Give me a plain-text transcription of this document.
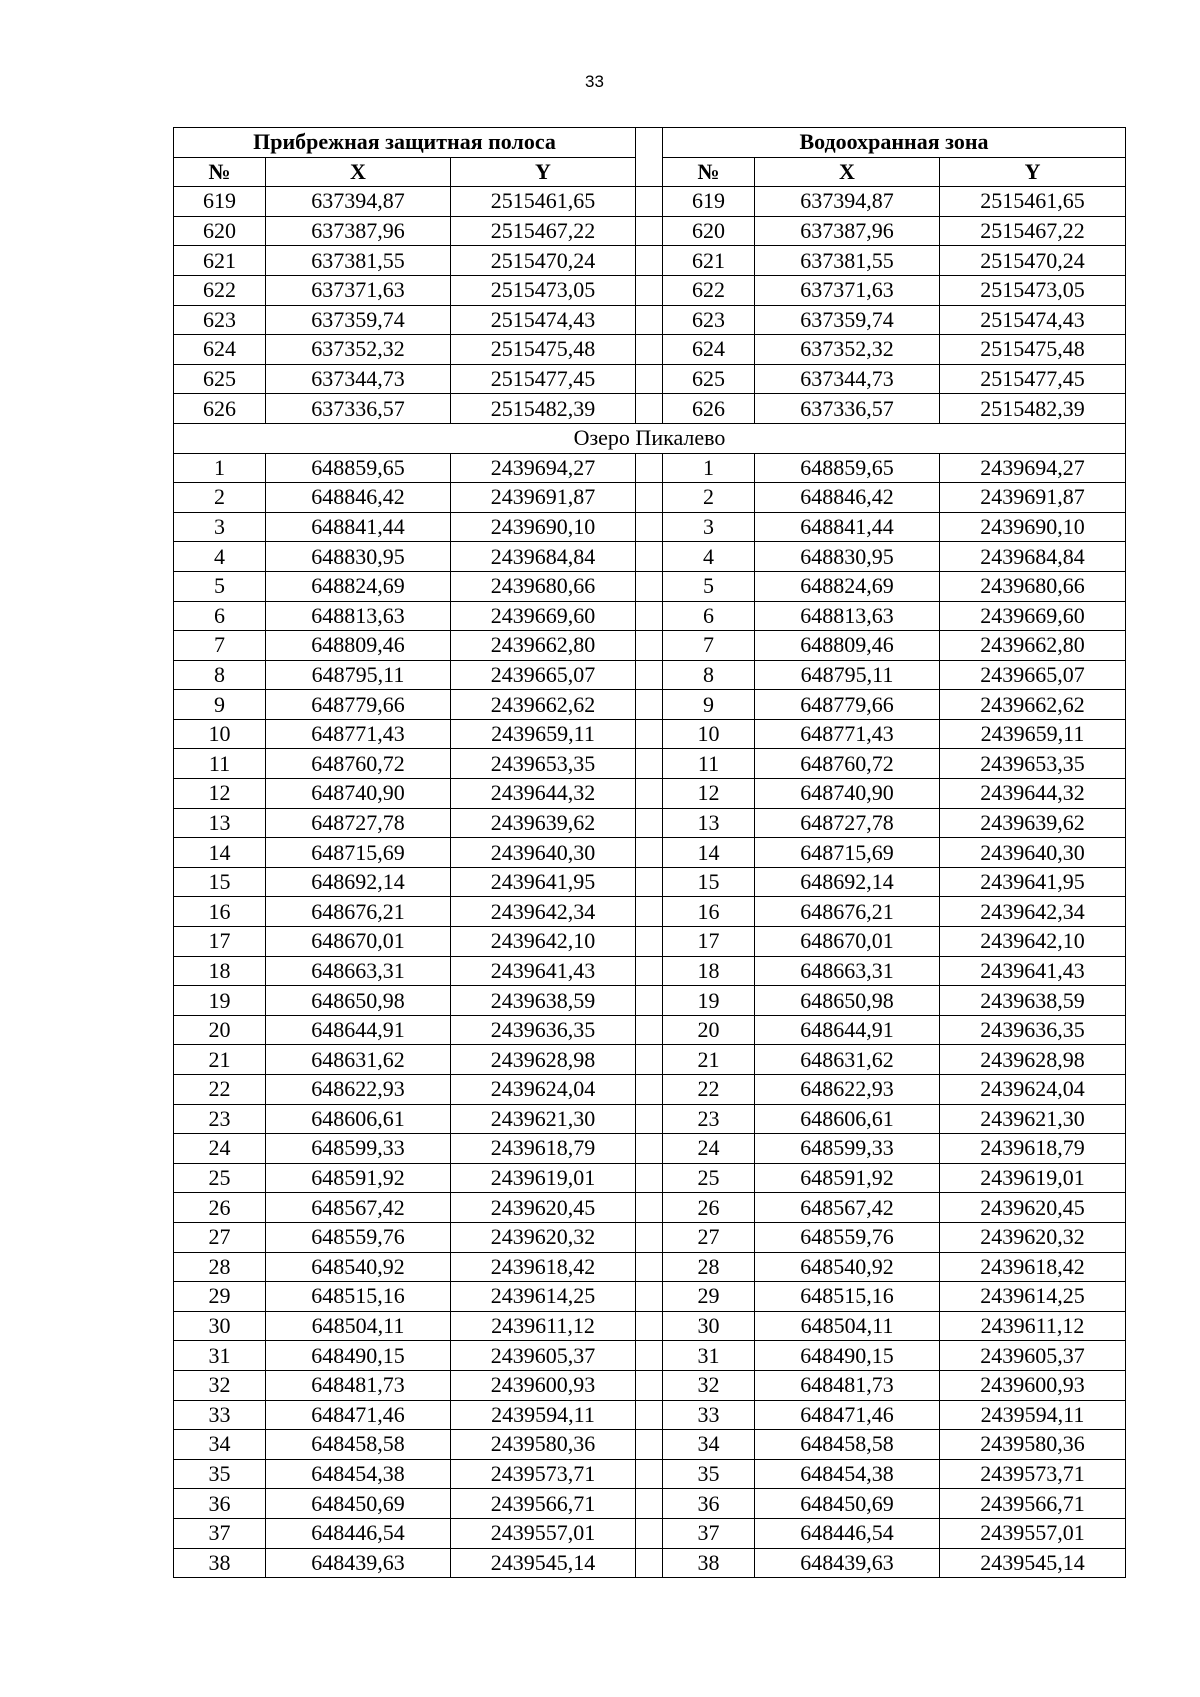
33
Прибрежная защитная полоса				Водоохранная зона		
№	X	Y		№	X	Y
619	637394,87	2515461,65		619	637394,87	2515461,65
620	637387,96	2515467,22		620	637387,96	2515467,22
621	637381,55	2515470,24		621	637381,55	2515470,24
622	637371,63	2515473,05		622	637371,63	2515473,05
623	637359,74	2515474,43		623	637359,74	2515474,43
624	637352,32	2515475,48		624	637352,32	2515475,48
625	637344,73	2515477,45		625	637344,73	2515477,45
626	637336,57	2515482,39		626	637336,57	2515482,39
Озеро Пикалево						
1	648859,65	2439694,27		1	648859,65	2439694,27
2	648846,42	2439691,87		2	648846,42	2439691,87
3	648841,44	2439690,10		3	648841,44	2439690,10
4	648830,95	2439684,84		4	648830,95	2439684,84
5	648824,69	2439680,66		5	648824,69	2439680,66
6	648813,63	2439669,60		6	648813,63	2439669,60
7	648809,46	2439662,80		7	648809,46	2439662,80
8	648795,11	2439665,07		8	648795,11	2439665,07
9	648779,66	2439662,62		9	648779,66	2439662,62
10	648771,43	2439659,11		10	648771,43	2439659,11
11	648760,72	2439653,35		11	648760,72	2439653,35
12	648740,90	2439644,32		12	648740,90	2439644,32
13	648727,78	2439639,62		13	648727,78	2439639,62
14	648715,69	2439640,30		14	648715,69	2439640,30
15	648692,14	2439641,95		15	648692,14	2439641,95
16	648676,21	2439642,34		16	648676,21	2439642,34
17	648670,01	2439642,10		17	648670,01	2439642,10
18	648663,31	2439641,43		18	648663,31	2439641,43
19	648650,98	2439638,59		19	648650,98	2439638,59
20	648644,91	2439636,35		20	648644,91	2439636,35
21	648631,62	2439628,98		21	648631,62	2439628,98
22	648622,93	2439624,04		22	648622,93	2439624,04
23	648606,61	2439621,30		23	648606,61	2439621,30
24	648599,33	2439618,79		24	648599,33	2439618,79
25	648591,92	2439619,01		25	648591,92	2439619,01
26	648567,42	2439620,45		26	648567,42	2439620,45
27	648559,76	2439620,32		27	648559,76	2439620,32
28	648540,92	2439618,42		28	648540,92	2439618,42
29	648515,16	2439614,25		29	648515,16	2439614,25
30	648504,11	2439611,12		30	648504,11	2439611,12
31	648490,15	2439605,37		31	648490,15	2439605,37
32	648481,73	2439600,93		32	648481,73	2439600,93
33	648471,46	2439594,11		33	648471,46	2439594,11
34	648458,58	2439580,36		34	648458,58	2439580,36
35	648454,38	2439573,71		35	648454,38	2439573,71
36	648450,69	2439566,71		36	648450,69	2439566,71
37	648446,54	2439557,01		37	648446,54	2439557,01
38	648439,63	2439545,14		38	648439,63	2439545,14
